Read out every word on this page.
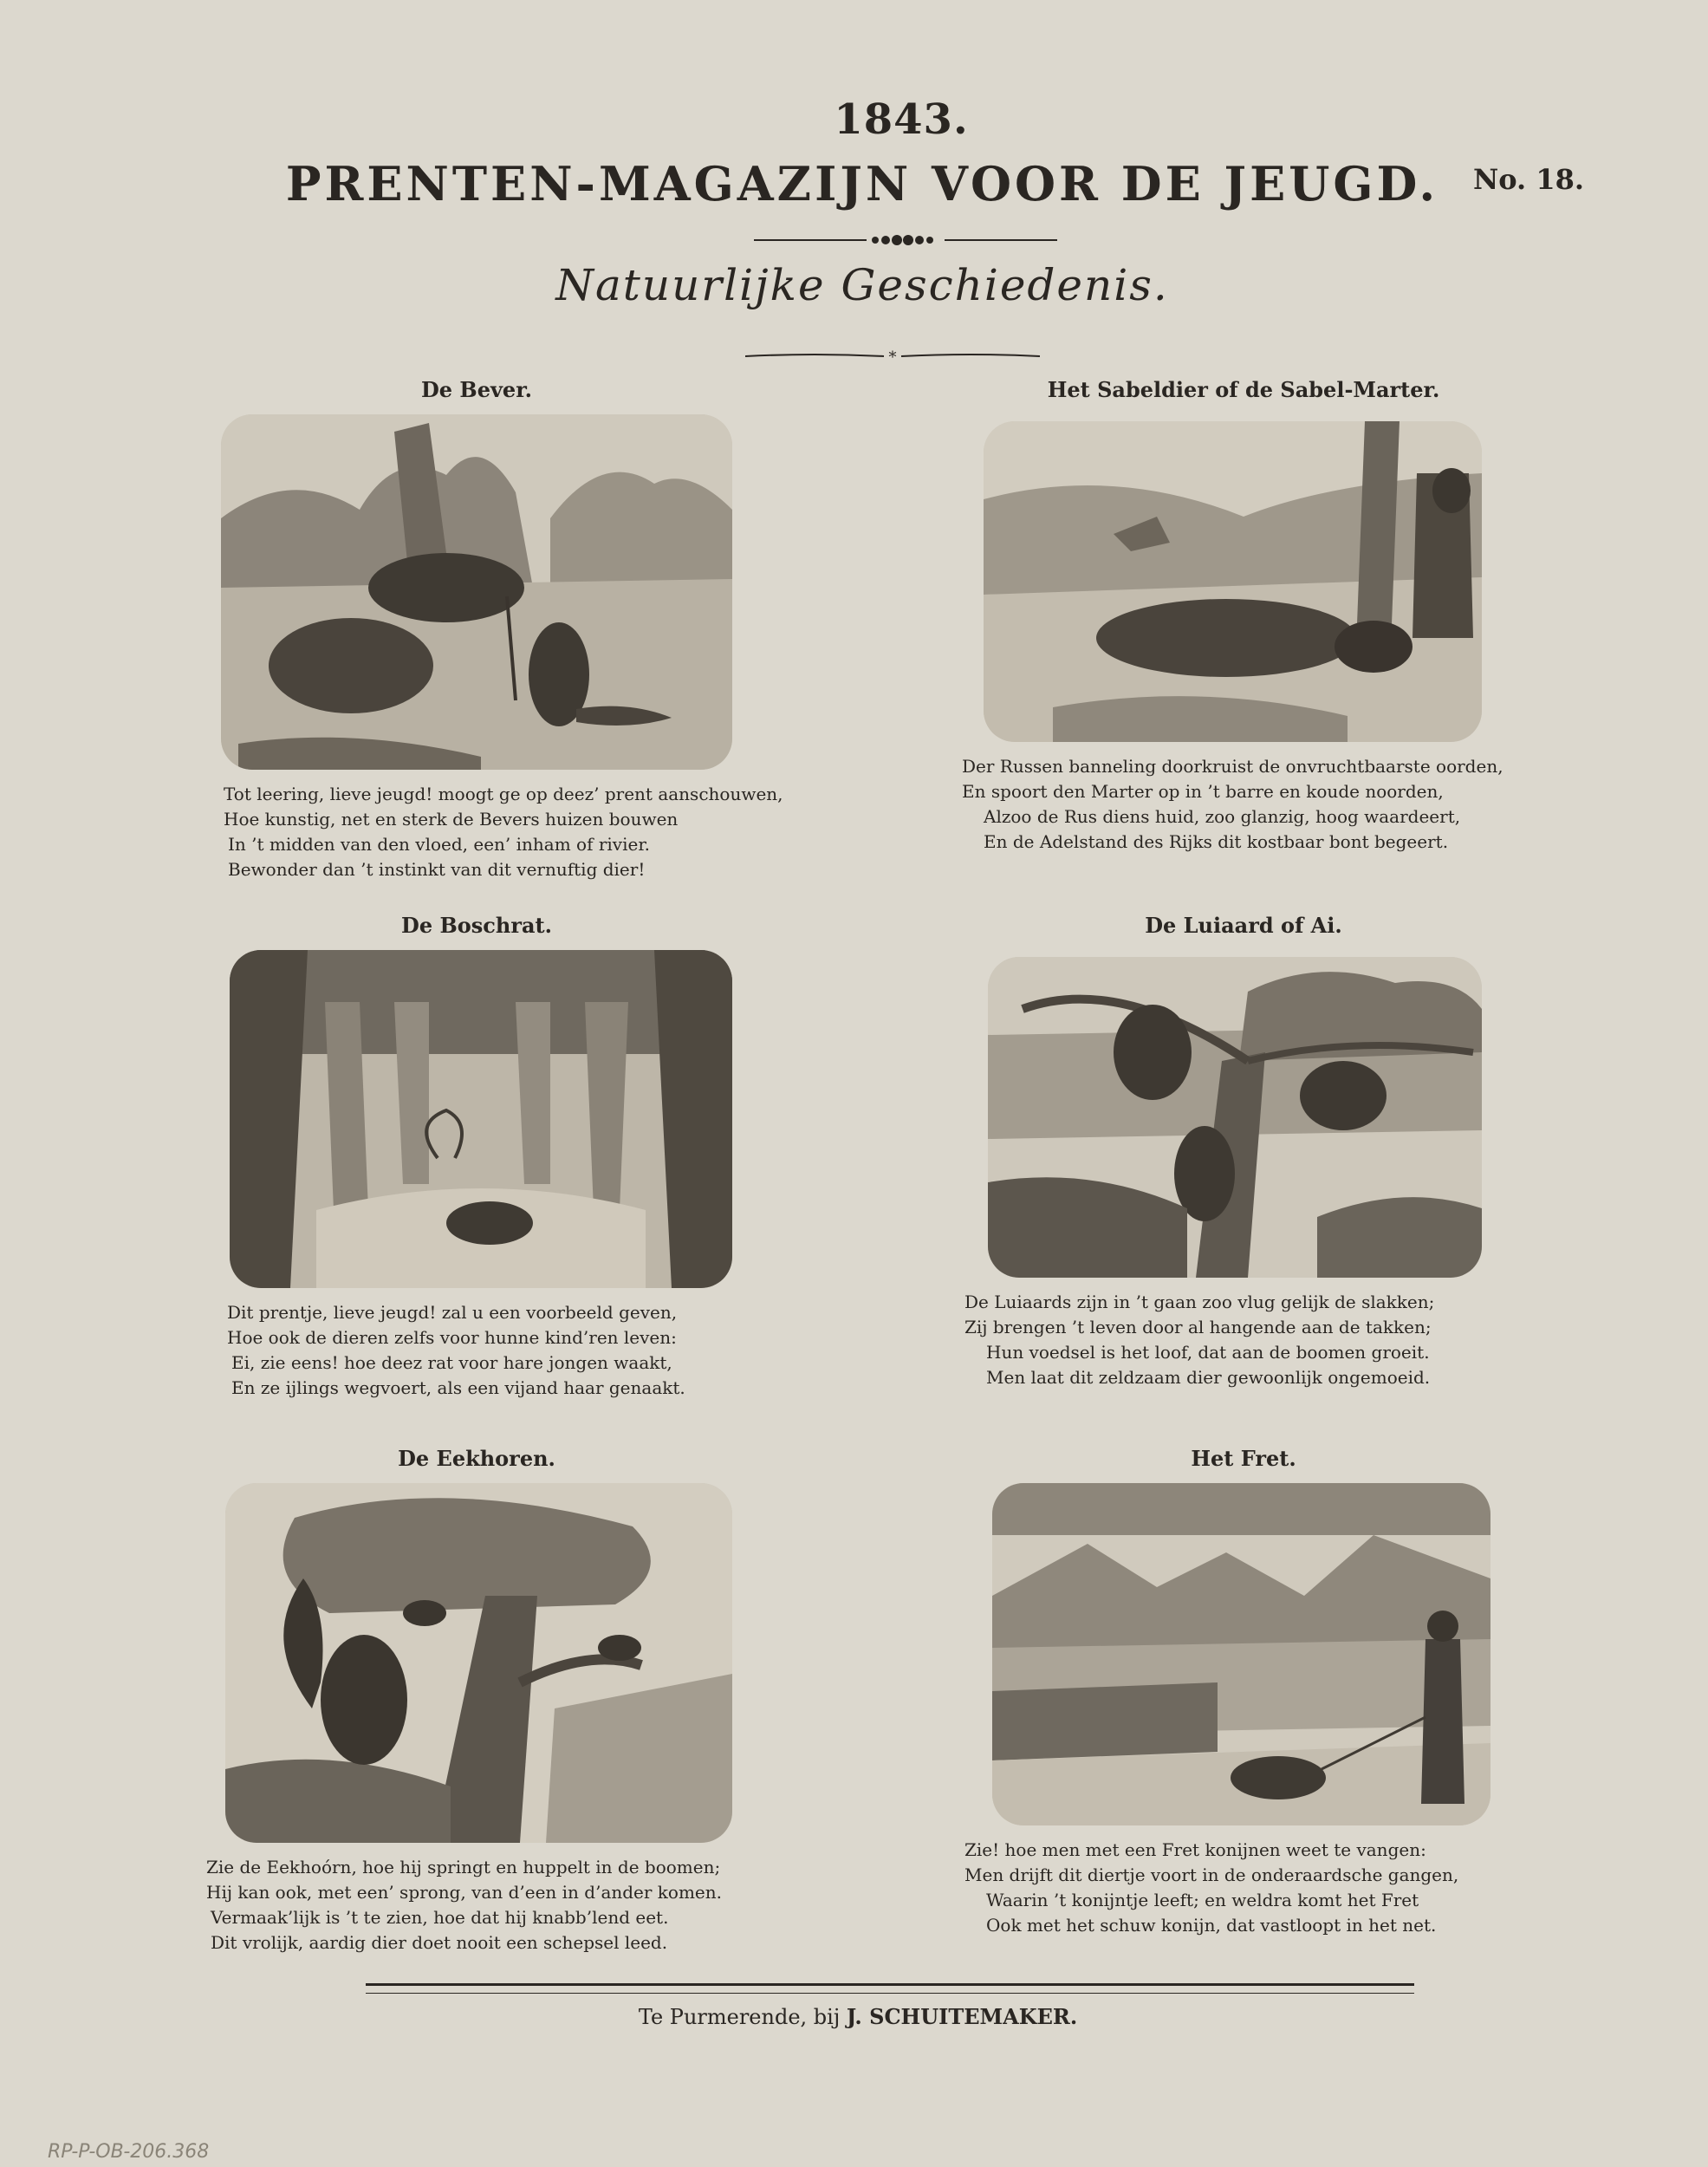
1843.
PRENTEN-MAGAZIJN VOOR DE JEUGD.	No. 18.
Natuurlijke Geschiedenis.
*
De Bever.
Tot leering, lieve jeugd! moogt ge op deez’ prent aanschouwen,
Hoe kunstig, net en sterk de Bevers huizen bouwen
In ’t midden van den vloed, een’ inham of rivier.
Bewonder dan ’t instinkt van dit vernuftig dier!
Het Sabeldier of de Sabel-Marter.
Der Russen banneling doorkruist de onvruchtbaarste oorden,
En spoort den Marter op in ’t barre en koude noorden,
Alzoo de Rus diens huid, zoo glanzig, hoog waardeert,
En de Adelstand des Rijks dit kostbaar bont begeert.
De Boschrat.
Dit prentje, lieve jeugd! zal u een voorbeeld geven,
Hoe ook de dieren zelfs voor hunne kind’ren leven:
Ei, zie eens! hoe deez rat voor hare jongen waakt,
En ze ijlings wegvoert, als een vijand haar genaakt.
De Luiaard of Ai.
De Luiaards zijn in ’t gaan zoo vlug gelijk de slakken;
Zij brengen ’t leven door al hangende aan de takken;
Hun voedsel is het loof, dat aan de boomen groeit.
Men laat dit zeldzaam dier gewoonlijk ongemoeid.
De Eekhoren.
Zie de Eekhoórn, hoe hij springt en huppelt in de boomen;
Hij kan ook, met een’ sprong, van d’een in d’ander komen.
Vermaak’lijk is ’t te zien, hoe dat hij knabb’lend eet.
Dit vrolijk, aardig dier doet nooit een schepsel leed.
Het Fret.
Zie! hoe men met een Fret konijnen weet te vangen:
Men drijft dit diertje voort in de onderaardsche gangen,
Waarin ’t konijntje leeft; en weldra komt het Fret
Ook met het schuw konijn, dat vastloopt in het net.
Te Purmerende, bij J. SCHUITEMAKER.
RP-P-OB-206.368
